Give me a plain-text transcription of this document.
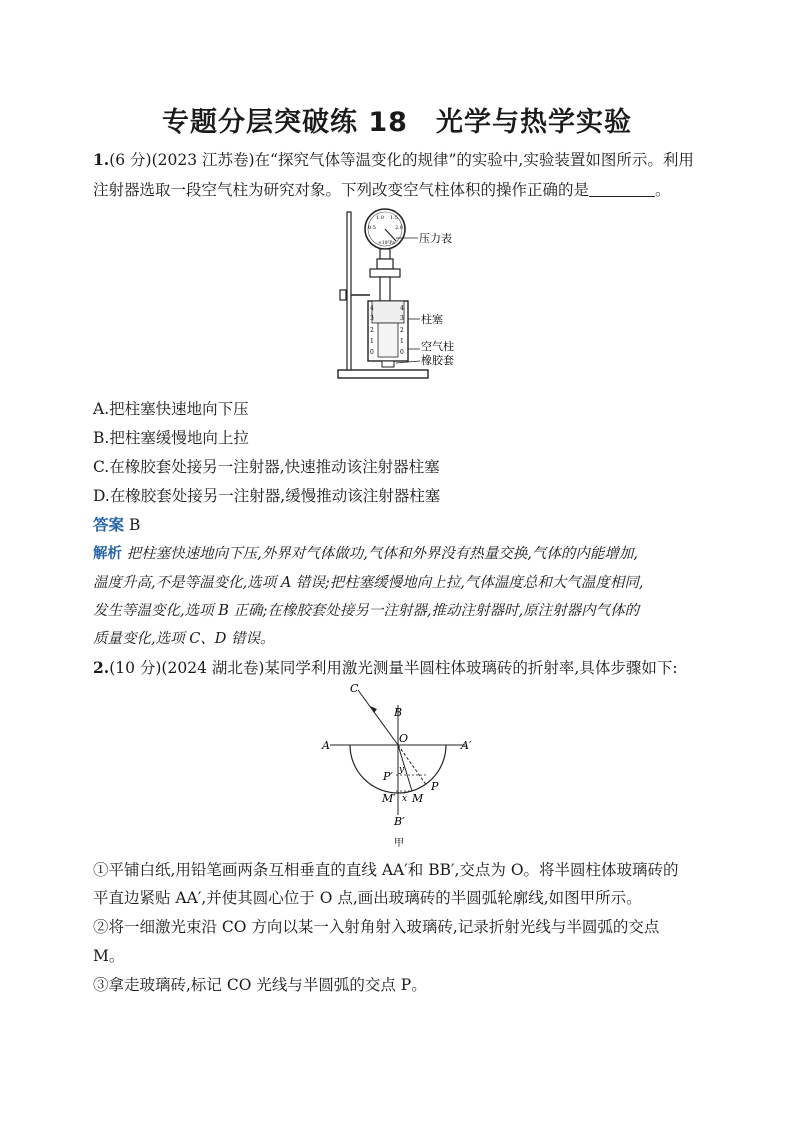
专题分层突破练 18　光学与热学实验
1.(6 分)(2023 江苏卷)在“探究气体等温变化的规律”的实验中,实验装置如图所示。利用
注射器选取一段空气柱为研究对象。下列改变空气柱体积的操作正确的是	。
0.5
1.0 1.5
2.0
×10⁵Pa 压力表
4
3
2
1
0
4
3
2
1
0
柱塞
空气柱
橡胶套
A.把柱塞快速地向下压
B.把柱塞缓慢地向上拉
C.在橡胶套处接另一注射器,快速推动该注射器柱塞
D.在橡胶套处接另一注射器,缓慢推动该注射器柱塞
答案 B
解析 把柱塞快速地向下压,外界对气体做功,气体和外界没有热量交换,气体的内能增加,
温度升高,不是等温变化,选项 A 错误;把柱塞缓慢地向上拉,气体温度总和大气温度相同,
发生等温变化,选项 B 正确;在橡胶套处接另一注射器,推动注射器时,原注射器内气体的
质量变化,选项 C、D 错误。
2.(10 分)(2024 湖北卷)某同学利用激光测量半圆柱体玻璃砖的折射率,具体步骤如下:
C
B
O
A	A′
P′ y
P
M′ x M
B′
甲
①平铺白纸,用铅笔画两条互相垂直的直线 AA′和 BB′,交点为 O。将半圆柱体玻璃砖的
平直边紧贴 AA′,并使其圆心位于 O 点,画出玻璃砖的半圆弧轮廓线,如图甲所示。
②将一细激光束沿 CO 方向以某一入射角射入玻璃砖,记录折射光线与半圆弧的交点
M。
③拿走玻璃砖,标记 CO 光线与半圆弧的交点 P。
